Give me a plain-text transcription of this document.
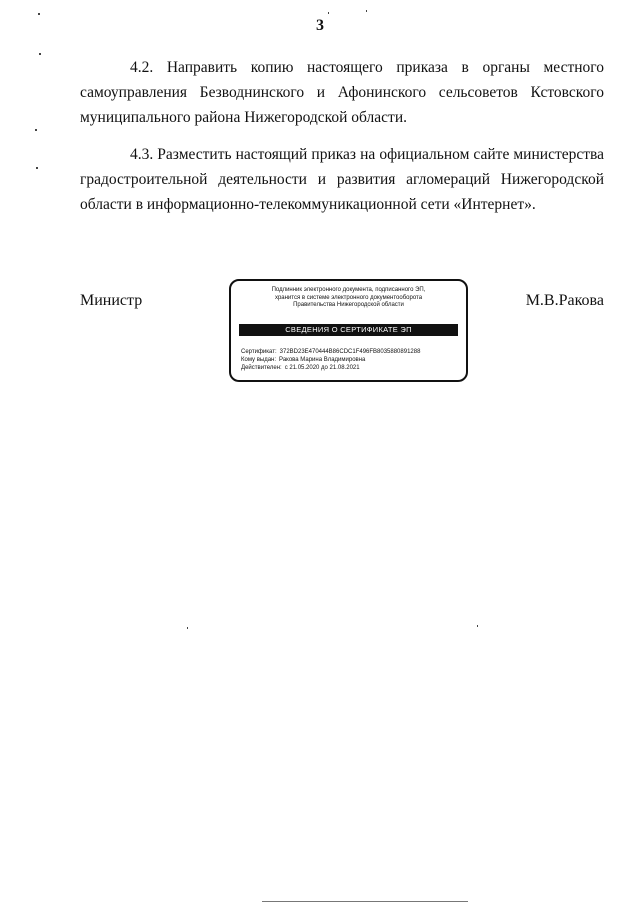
3
4.2. Направить копию настоящего приказа в органы местного самоуправления Безводнинского и Афонинского сельсоветов Кстовского муниципального района Нижегородской области.
4.3. Разместить настоящий приказ на официальном сайте министерства градостроительной деятельности и развития агломераций Нижегородской области в информационно-телекоммуникационной сети «Интернет».
Министр	М.В.Ракова
Подлинник электронного документа, подписанного ЭП,
хранится в системе электронного документооборота
Правительства Нижегородской области
СВЕДЕНИЯ О СЕРТИФИКАТЕ ЭП
Сертификат: 372BD23E470444B86CDC1F496FB8035880891288
Кому выдан: Ракова Марина Владимировна
Действителен: с 21.05.2020 до 21.08.2021
